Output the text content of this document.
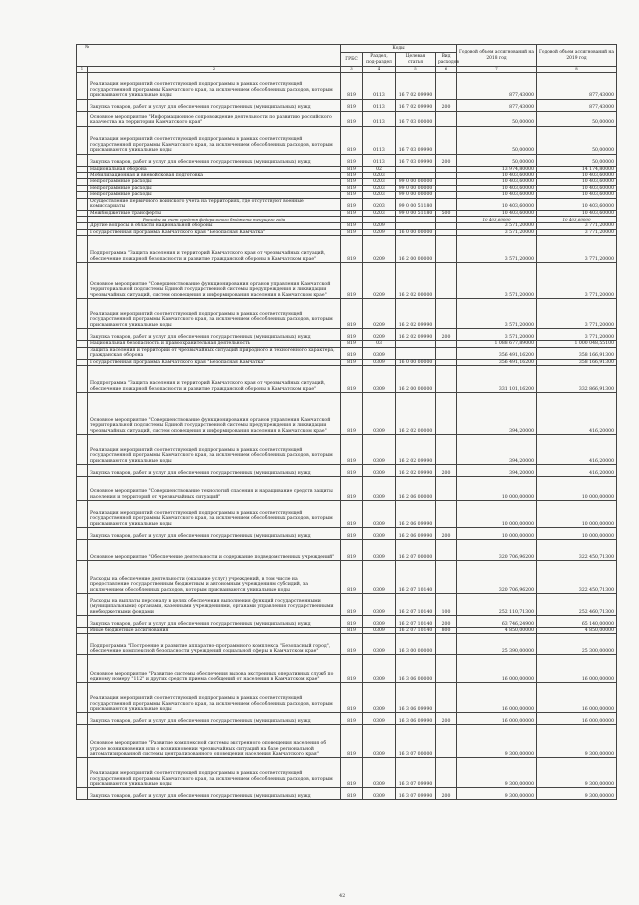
№		Коды				Годовой объем ассигнований на 2018 год	Годовой объем ассигнований на 2019 год
		ГРБС	Раздел, под-раздел	Целевая статья	Вид расходов		
1	2	3	4	5	6	7	8
	Реализация мероприятий соответствующей подпрограммы в рамках соответствующей государственной программы Камчатского края, за исключением обособленных расходов, которым присваиваются уникальные коды	819	0113	16 7 02 09990		877,43000	877,43000
	Закупка товаров, работ и услуг для обеспечения государственных (муниципальных) нужд	819	0113	16 7 02 09990	200	877,43000	877,43000
	Основное мероприятие "Информационное сопровождение деятельности по развитию российского казачества на территории Камчатского края"	819	0113	16 7 03 00000		50,00000	50,00000
	Реализация мероприятий соответствующей подпрограммы в рамках соответствующей государственной программы Камчатского края, за исключением обособленных расходов, которым присваиваются уникальные коды	819	0113	16 7 03 09990		50,00000	50,00000
	Закупка товаров, работ и услуг для обеспечения государственных (муниципальных) нужд	819	0113	16 7 03 09990	200	50,00000	50,00000
	Национальная оборона	819	02			13 974,80000	14 174,80000
	Мобилизационная и вневойсковая подготовка	819	0203			10 403,60000	10 403,60000
	Непрограммные расходы	819	0203	99 0 00 00000		10 403,60000	10 403,60000
	Непрограммные расходы	819	0203	99 0 00 00000		10 403,60000	10 403,60000
	Непрограммные расходы	819	0203	99 0 00 00000		10 403,60000	10 403,60000
	Осуществление первичного воинского учета на территориях, где отсутствуют военные комиссариаты	819	0203	99 0 00 51180		10 403,60000	10 403,60000
	Межбюджетные трансферты	819	0203	99 0 00 51180	500	10 403,60000	10 403,60000
	Расходы за счет средств федерального бюджета текущего года					10 403,60000	10 403,60000
	Другие вопросы в области национальной обороны	819	0209			3 571,20000	3 771,20000
	Государственная программа Камчатского края "Безопасная Камчатка"	819	0209	16 0 00 00000		3 571,20000	3 771,20000
	Подпрограмма "Защита населения и территорий Камчатского края от чрезвычайных ситуаций, обеспечение пожарной безопасности и развитие гражданской обороны в Камчатском крае"	819	0209	16 2 00 00000		3 571,20000	3 771,20000
	Основное мероприятие "Совершенствование функционирования органов управления Камчатской территориальной подсистемы Единой государственной системы предупреждения и ликвидации чрезвычайных ситуаций, систем оповещения и информирования населения в Камчатском крае"	819	0209	16 2 02 00000		3 571,20000	3 771,20000
	Реализация мероприятий соответствующей подпрограммы в рамках соответствующей государственной программы Камчатского края, за исключением обособленных расходов, которым присваиваются уникальные коды	819	0209	16 2 02 09990		3 571,20000	3 771,20000
	Закупка товаров, работ и услуг для обеспечения государственных (муниципальных) нужд	819	0209	16 2 02 09990	200	3 571,20000	3 771,20000
	Национальная безопасность и правоохранительная деятельность	819	03			1 088 677,89000	1 000 048,55100
	Защита населения и территории от чрезвычайных ситуаций природного и техногенного характера, гражданская оборона	819	0309			356 491,16200	358 166,91300
	Государственная программа Камчатского края "Безопасная Камчатка"	819	0309	16 0 00 00000		356 491,16200	358 166,91300
	Подпрограмма "Защита населения и территорий Камчатского края от чрезвычайных ситуаций, обеспечение пожарной безопасности и развитие гражданской обороны в Камчатском крае"	819	0309	16 2 00 00000		331 101,16200	332 866,91300
	Основное мероприятие "Совершенствование функционирования органов управления Камчатской территориальной подсистемы Единой государственной системы предупреждения и ликвидации чрезвычайных ситуаций, систем оповещения и информирования населения в Камчатском крае"	819	0309	16 2 02 00000		394,20000	416,20000
	Реализация мероприятий соответствующей подпрограммы в рамках соответствующей государственной программы Камчатского края, за исключением обособленных расходов, которым присваиваются уникальные коды	819	0309	16 2 02 09990		394,20000	416,20000
	Закупка товаров, работ и услуг для обеспечения государственных (муниципальных) нужд	819	0309	16 2 02 09990	200	394,20000	416,20000
	Основное мероприятие "Совершенствование технологий спасения и наращивание средств защиты населения и территорий от чрезвычайных ситуаций"	819	0309	16 2 06 00000		10 000,00000	10 000,00000
	Реализация мероприятий соответствующей подпрограммы в рамках соответствующей государственной программы Камчатского края, за исключением обособленных расходов, которым присваиваются уникальные коды	819	0309	16 2 06 09990		10 000,00000	10 000,00000
	Закупка товаров, работ и услуг для обеспечения государственных (муниципальных) нужд	819	0309	16 2 06 09990	200	10 000,00000	10 000,00000
	Основное мероприятие "Обеспечение деятельности и содержание подведомственных учреждений"	819	0309	16 2 07 00000		320 706,96200	322 450,71300
	Расходы на обеспечение деятельности (оказание услуг) учреждений, в том числе на предоставление государственным бюджетным и автономным учреждениям субсидий, за исключением обособленных расходов, которым присваиваются уникальные коды	819	0309	16 2 07 10140		320 706,96200	322 450,71300
	Расходы на выплаты персоналу в целях обеспечения выполнения функций государственными (муниципальными) органами, казенными учреждениями, органами управления государственными внебюджетными фондами	819	0309	16 2 07 10140	100	252 110,71300	252 460,71300
	Закупка товаров, работ и услуг для обеспечения государственных (муниципальных) нужд	819	0309	16 2 07 10140	200	63 746,24900	65 140,00000
	Иные бюджетные ассигнования	819	0309	16 2 07 10140	800	4 850,00000	4 850,00000
	Подпрограмма "Построение и развитие аппаратно-программного комплекса "Безопасный город", обеспечение комплексной безопасности учреждений социальной сферы в Камчатском крае"	819	0309	16 3 00 00000		25 390,00000	25 300,00000
	Основное мероприятие "Развитие системы обеспечения вызова экстренных оперативных служб по единому номеру "112" и других средств приема сообщений от населения в Камчатском крае"	819	0309	16 3 06 00000		16 000,00000	16 000,00000
	Реализация мероприятий соответствующей подпрограммы в рамках соответствующей государственной программы Камчатского края, за исключением обособленных расходов, которым присваиваются уникальные коды	819	0309	16 3 06 09990		16 000,00000	16 000,00000
	Закупка товаров, работ и услуг для обеспечения государственных (муниципальных) нужд	819	0309	16 3 06 09990	200	16 000,00000	16 000,00000
	Основное мероприятие "Развитие комплексной системы экстренного оповещения населения об угрозе возникновения или о возникновении чрезвычайных ситуаций на базе региональной автоматизированной системы централизованного оповещения населения Камчатского края"	819	0309	16 3 07 00000		9 300,00000	9 300,00000
	Реализация мероприятий соответствующей подпрограммы в рамках соответствующей государственной программы Камчатского края, за исключением обособленных расходов, которым присваиваются уникальные коды	819	0309	16 3 07 09990		9 300,00000	9 300,00000
	Закупка товаров, работ и услуг для обеспечения государственных (муниципальных) нужд	819	0309	16 3 07 09990	200	9 300,00000	9 300,00000
42
